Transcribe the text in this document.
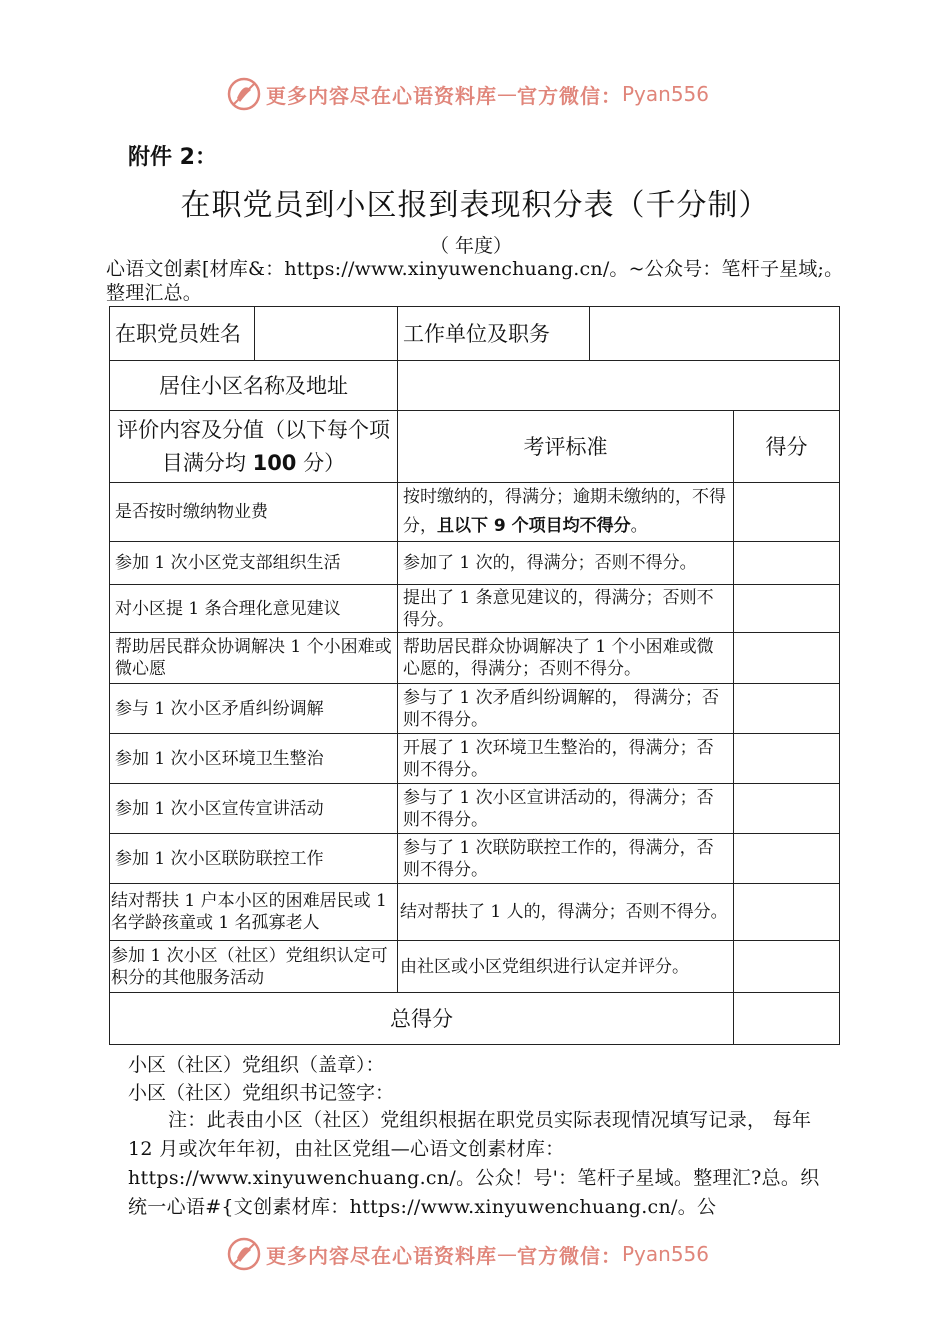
更多内容尽在心语资料库 — 官方微信： Pyan556
附件 2：
在职党员到小区报到表现积分表（千分制）
（ 年度）
心语文创素[材库&：https://www.xinyuwenchuang.cn/。~公众号：笔杆子星域;。整理汇总。
在职党员姓名		工作单位及职务		
居住小区名称及地址				
评价内容及分值（以下每个项目满分均 100 分）		考评标准		得分
是否按时缴纳物业费		按时缴纳的，得满分；逾期未缴纳的，不得分，且以下 9 个项目均不得分。		
参加 1 次小区党支部组织生活		参加了 1 次的，得满分；否则不得分。		
对小区提 1 条合理化意见建议		提出了 1 条意见建议的，得满分；否则不得分。		
帮助居民群众协调解决 1 个小困难或微心愿		帮助居民群众协调解决了 1 个小困难或微心愿的，得满分；否则不得分。		
参与 1 次小区矛盾纠纷调解		参与了 1 次矛盾纠纷调解的， 得满分；否则不得分。		
参加 1 次小区环境卫生整治		开展了 1 次环境卫生整治的，得满分；否则不得分。		
参加 1 次小区宣传宣讲活动		参与了 1 次小区宣讲活动的，得满分；否则不得分。		
参加 1 次小区联防联控工作		参与了 1 次联防联控工作的，得满分，否则不得分。		
结对帮扶 1 户本小区的困难居民或 1 名学龄孩童或 1 名孤寡老人		结对帮扶了 1 人的，得满分；否则不得分。		
参加 1 次小区（社区）党组织认定可积分的其他服务活动		由社区或小区党组织进行认定并评分。		
总得分				
小区（社区）党组织（盖章）：
小区（社区）党组织书记签字：
注：此表由小区（社区）党组织根据在职党员实际表现情况填写记录， 每年 12 月或次年年初，由社区党组—心语文创素材库：https://www.xinyuwenchuang.cn/。公众！号'：笔杆子星域。整理汇?总。织统一心语#{文创素材库：https://www.xinyuwenchuang.cn/。公
更多内容尽在心语资料库 — 官方微信： Pyan556
